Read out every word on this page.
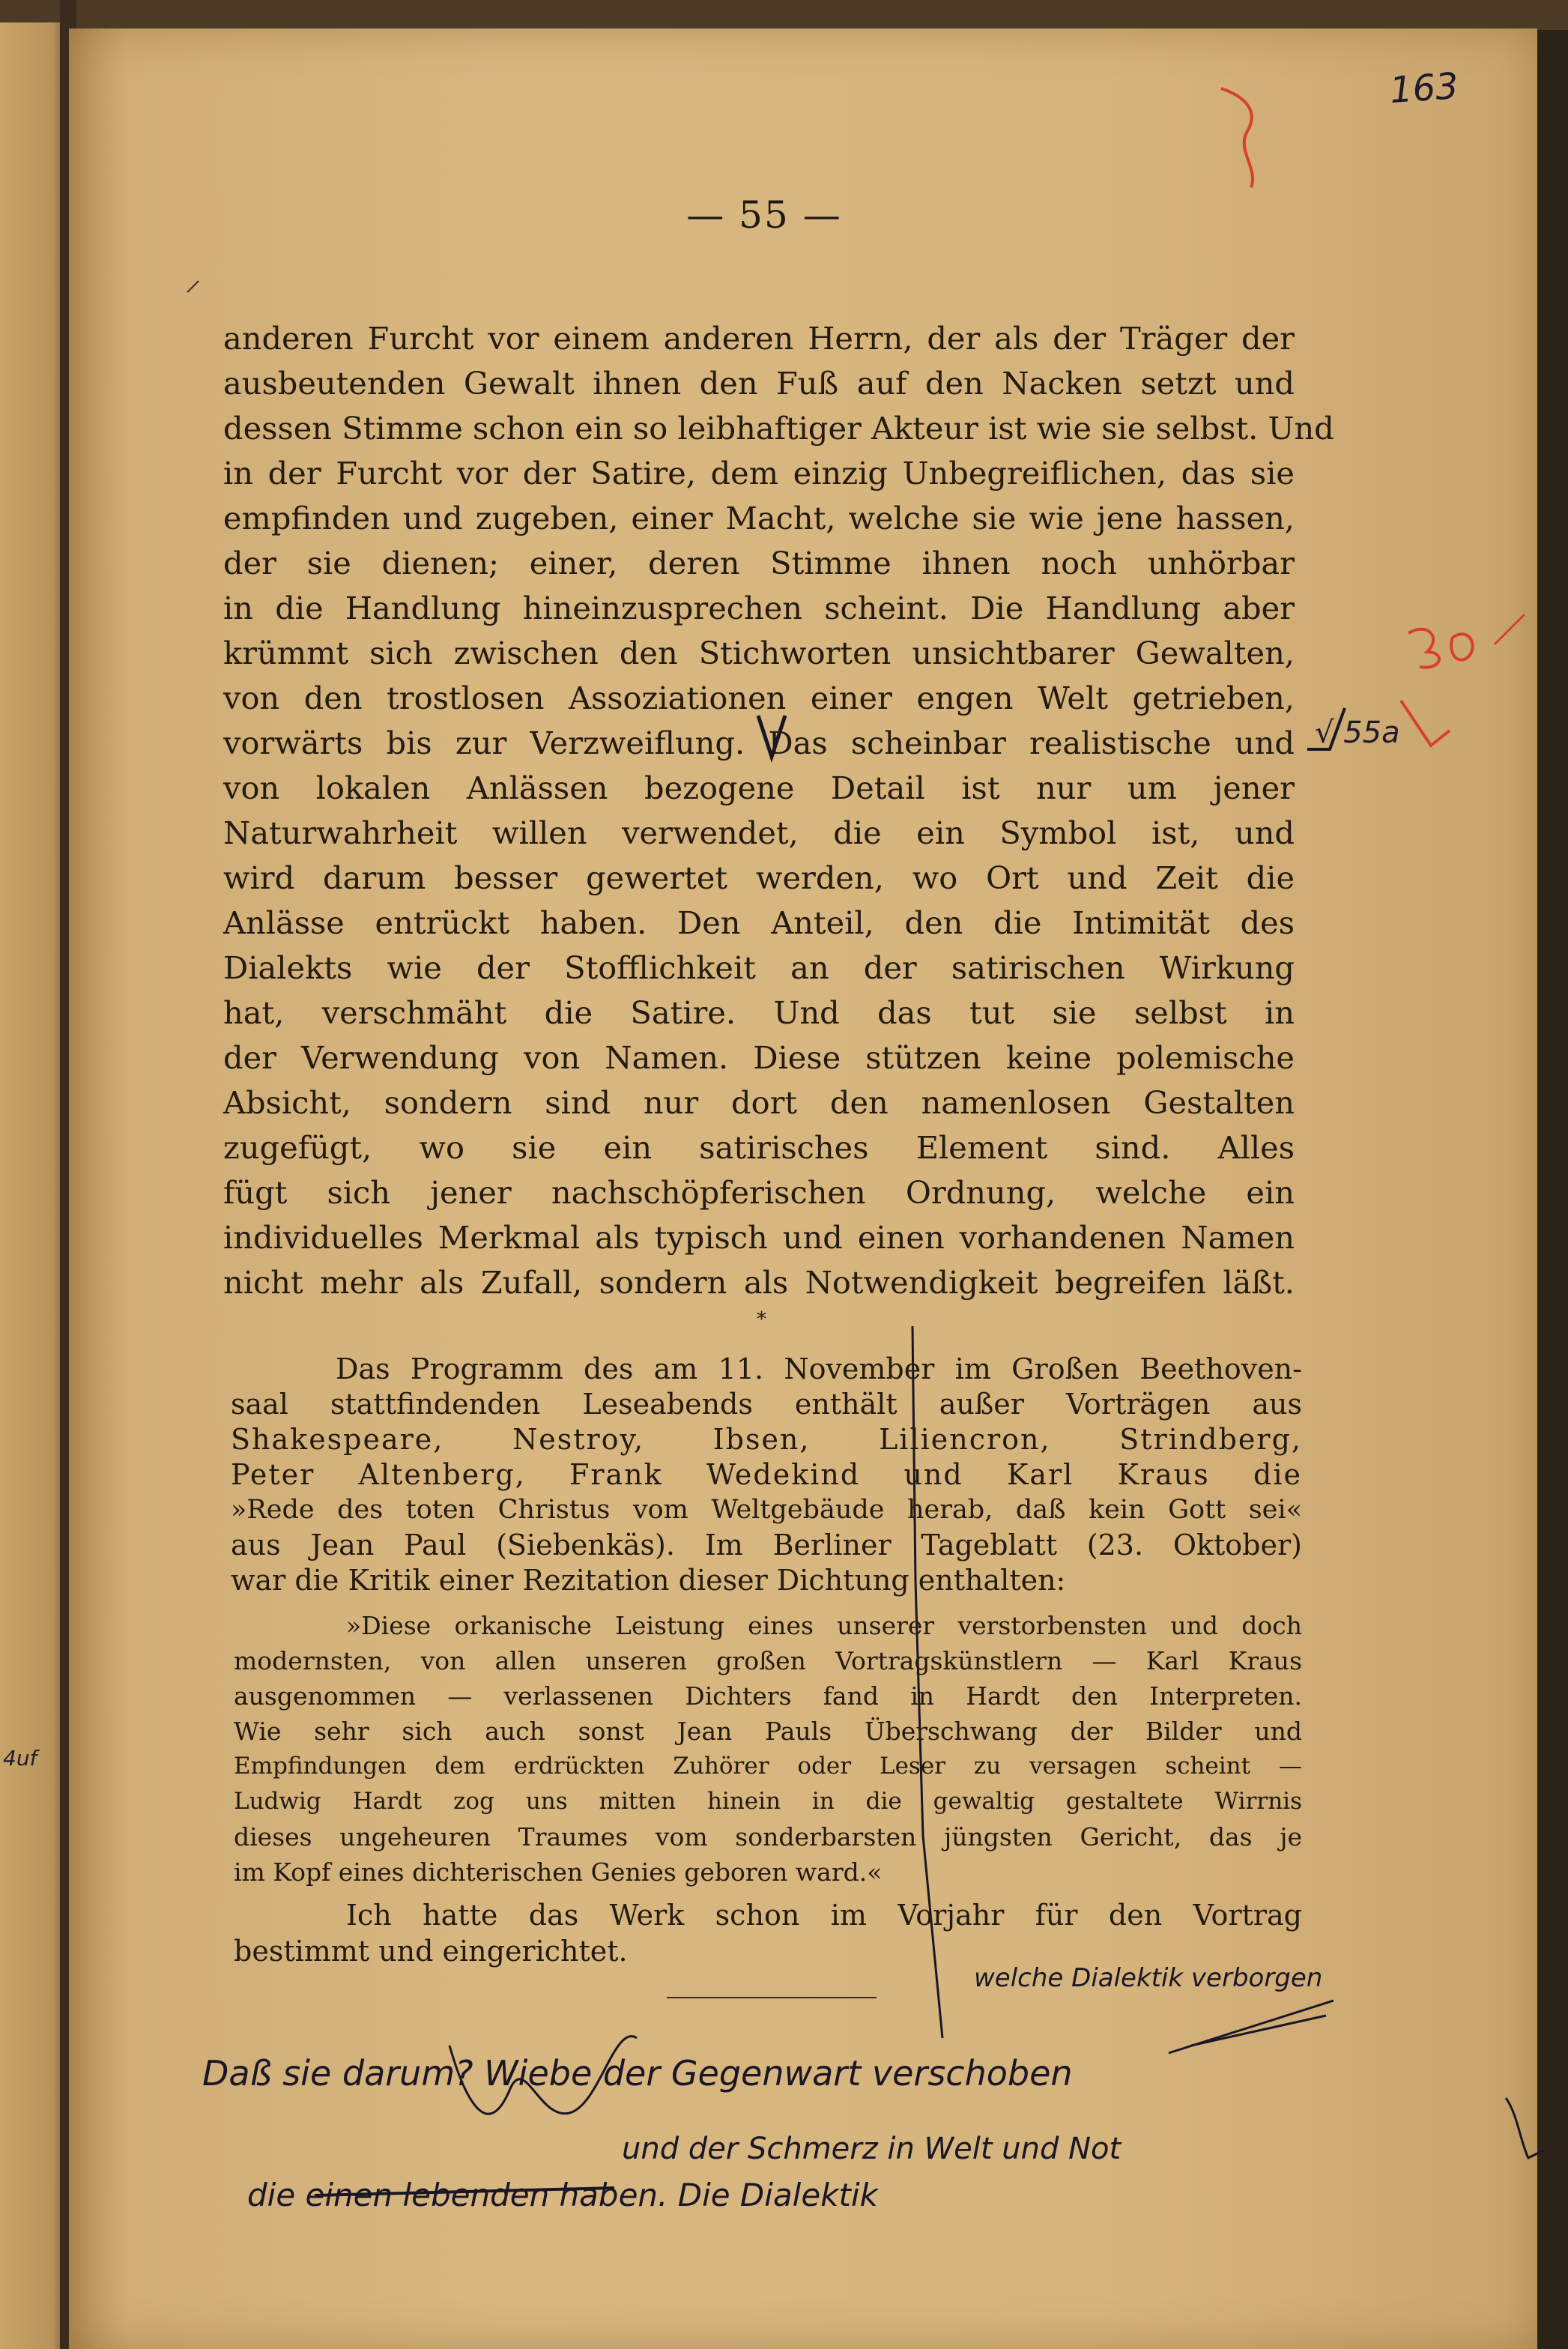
163
— 55 —
anderen Furcht vor einem anderen Herrn, der als der Träger der
ausbeutenden Gewalt ihnen den Fuß auf den Nacken setzt und
dessen Stimme schon ein so leibhaftiger Akteur ist wie sie selbst. Und
in der Furcht vor der Satire, dem einzig Unbegreiflichen, das sie
empfinden und zugeben, einer Macht, welche sie wie jene hassen,
der sie dienen; einer, deren Stimme ihnen noch unhörbar
in die Handlung hineinzusprechen scheint. Die Handlung aber
krümmt sich zwischen den Stichworten unsichtbarer Gewalten,
von den trostlosen Assoziationen einer engen Welt getrieben,
vorwärts bis zur Verzweiflung. Das scheinbar realistische und
von lokalen Anlässen bezogene Detail ist nur um jener
Naturwahrheit willen verwendet, die ein Symbol ist, und
wird darum besser gewertet werden, wo Ort und Zeit die
Anlässe entrückt haben. Den Anteil, den die Intimität des
Dialekts wie der Stofflichkeit an der satirischen Wirkung
hat, verschmäht die Satire. Und das tut sie selbst in
der Verwendung von Namen. Diese stützen keine polemische
Absicht, sondern sind nur dort den namenlosen Gestalten
zugefügt, wo sie ein satirisches Element sind. Alles
fügt sich jener nachschöpferischen Ordnung, welche ein
individuelles Merkmal als typisch und einen vorhandenen Namen
nicht mehr als Zufall, sondern als Notwendigkeit begreifen läßt.
*
Das Programm des am 11. November im Großen Beethoven-
saal stattfindenden Leseabends enthält außer Vorträgen aus
Shakespeare, Nestroy, Ibsen, Liliencron, Strindberg,
Peter Altenberg, Frank Wedekind und Karl Kraus die
»Rede des toten Christus vom Weltgebäude herab, daß kein Gott sei«
aus Jean Paul (Siebenkäs). Im Berliner Tageblatt (23. Oktober)
war die Kritik einer Rezitation dieser Dichtung enthalten:
»Diese orkanische Leistung eines unserer verstorbensten und doch
modernsten, von allen unseren großen Vortragskünstlern — Karl Kraus
ausgenommen — verlassenen Dichters fand in Hardt den Interpreten.
Wie sehr sich auch sonst Jean Pauls Überschwang der Bilder und
Empfindungen dem erdrückten Zuhörer oder Leser zu versagen scheint —
Ludwig Hardt zog uns mitten hinein in die gewaltig gestaltete Wirrnis
dieses ungeheuren Traumes vom sonderbarsten jüngsten Gericht, das je
im Kopf eines dichterischen Genies geboren ward.«
Ich hatte das Werk schon im Vorjahr für den Vortrag
bestimmt und eingerichtet.
√ 55a
4uf
welche Dialektik verborgen
Daß sie darum? Wiebe der Gegenwart verschoben
und der Schmerz in Welt und Not
die einen lebenden haben. Die Dialektik
